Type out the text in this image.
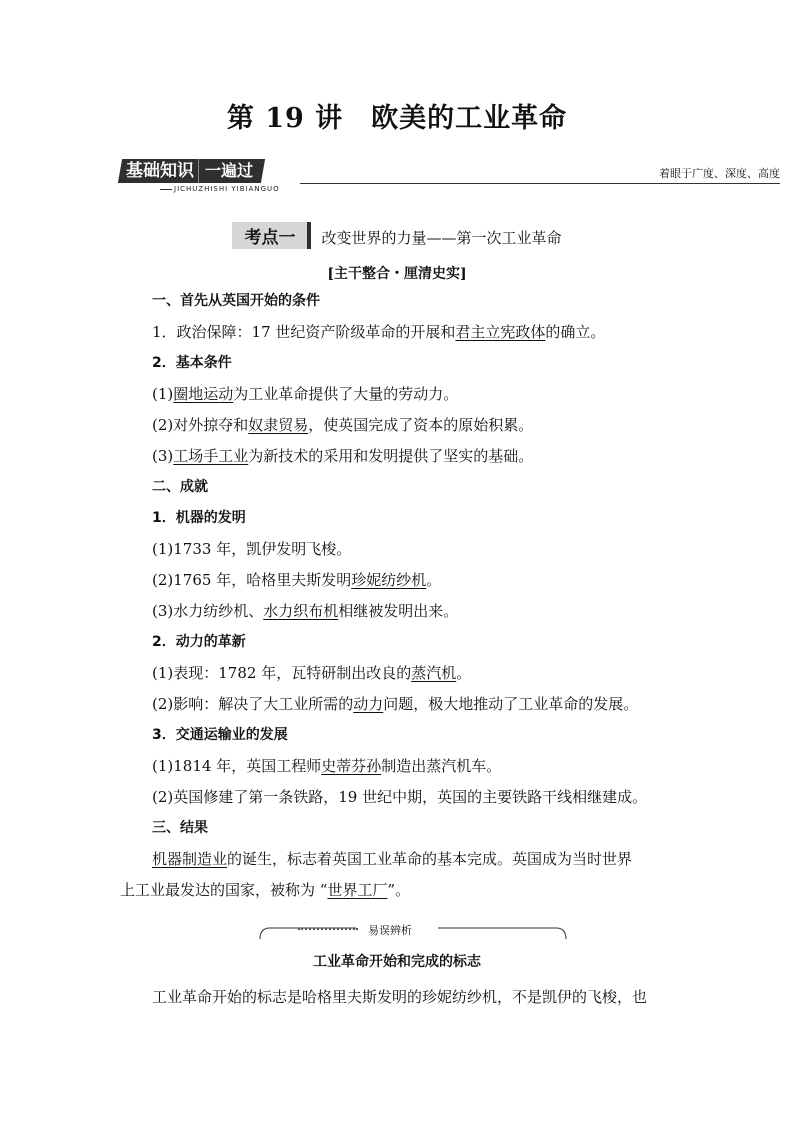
第 19 讲　欧美的工业革命
基础知识 一遍过
JICHUZHISHI YIBIANGUO
着眼于广度、深度、高度
考点一 改变世界的力量——第一次工业革命
[主干整合・厘清史实]
一、首先从英国开始的条件
1．政治保障：17 世纪资产阶级革命的开展和君主立宪政体的确立。
2．基本条件
(1)圈地运动为工业革命提供了大量的劳动力。
(2)对外掠夺和奴隶贸易，使英国完成了资本的原始积累。
(3)工场手工业为新技术的采用和发明提供了坚实的基础。
二、成就
1．机器的发明
(1)1733 年，凯伊发明飞梭。
(2)1765 年，哈格里夫斯发明珍妮纺纱机。
(3)水力纺纱机、水力织布机相继被发明出来。
2．动力的革新
(1)表现：1782 年，瓦特研制出改良的蒸汽机。
(2)影响：解决了大工业所需的动力问题，极大地推动了工业革命的发展。
3．交通运输业的发展
(1)1814 年，英国工程师史蒂芬孙制造出蒸汽机车。
(2)英国修建了第一条铁路，19 世纪中期，英国的主要铁路干线相继建成。
三、结果
机器制造业的诞生，标志着英国工业革命的基本完成。英国成为当时世界
上工业最发达的国家，被称为 “世界工厂”。
易误辨析
工业革命开始和完成的标志
工业革命开始的标志是哈格里夫斯发明的珍妮纺纱机，不是凯伊的飞梭，也
